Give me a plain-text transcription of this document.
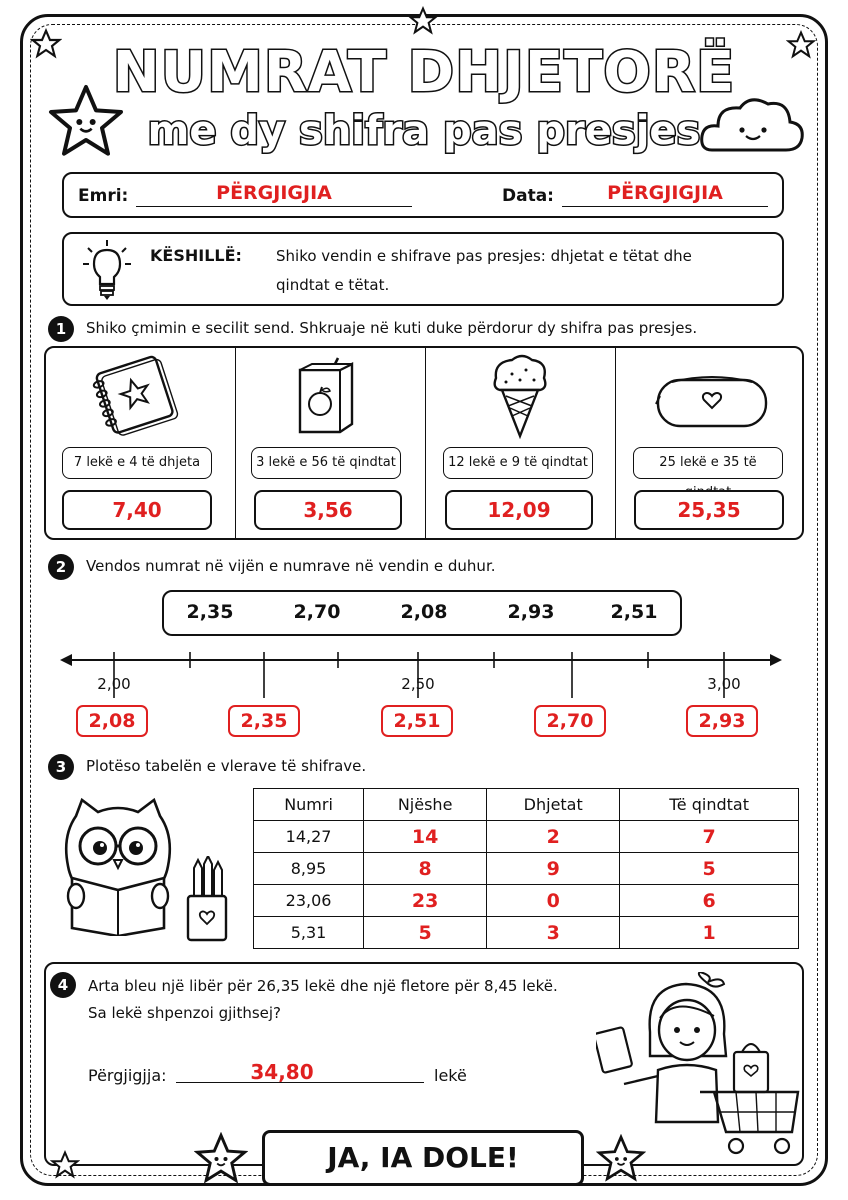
NUMRAT DHJETORË
me dy shifra pas presjes
Emri:	PËRGJIGJIA	Data:	PËRGJIGJIA
KËSHILLË: Shiko vendin e shifrave pas presjes: dhjetat e tëtat dhe
qindtat e tëtat.
1	Shiko çmimin e secilit send. Shkruaje në kuti duke përdorur dy shifra pas presjes.
7 lekë e 4 të dhjeta	3 lekë e 56 të qindtat	12 lekë e 9 të qindtat	25 lekë e 35 të
7,40	3,56	12,09	25,35
2	Vendos numrat në vijën e numrave në vendin e duhur.
2,35	2,70	2,08	2,93	2,51
2,00	2,50	3,00
2,08	2,35	2,51	2,70	2,93
3	Plotëso tabelën e vlerave të shifrave.
Numri	Njëshe	Dhjetat	Të qindtat
14,27	14	2	7
8,95	8	9	5
23,06	23	0	6
5,31	5	3	1
4	Arta bleu një libër për 26,35 lekë dhe një fletore për 8,45 lekë.
Sa lekë shpenzoi gjithsej?
Përgjigjja:	34,80	lekë
JA, IA DOLE!
